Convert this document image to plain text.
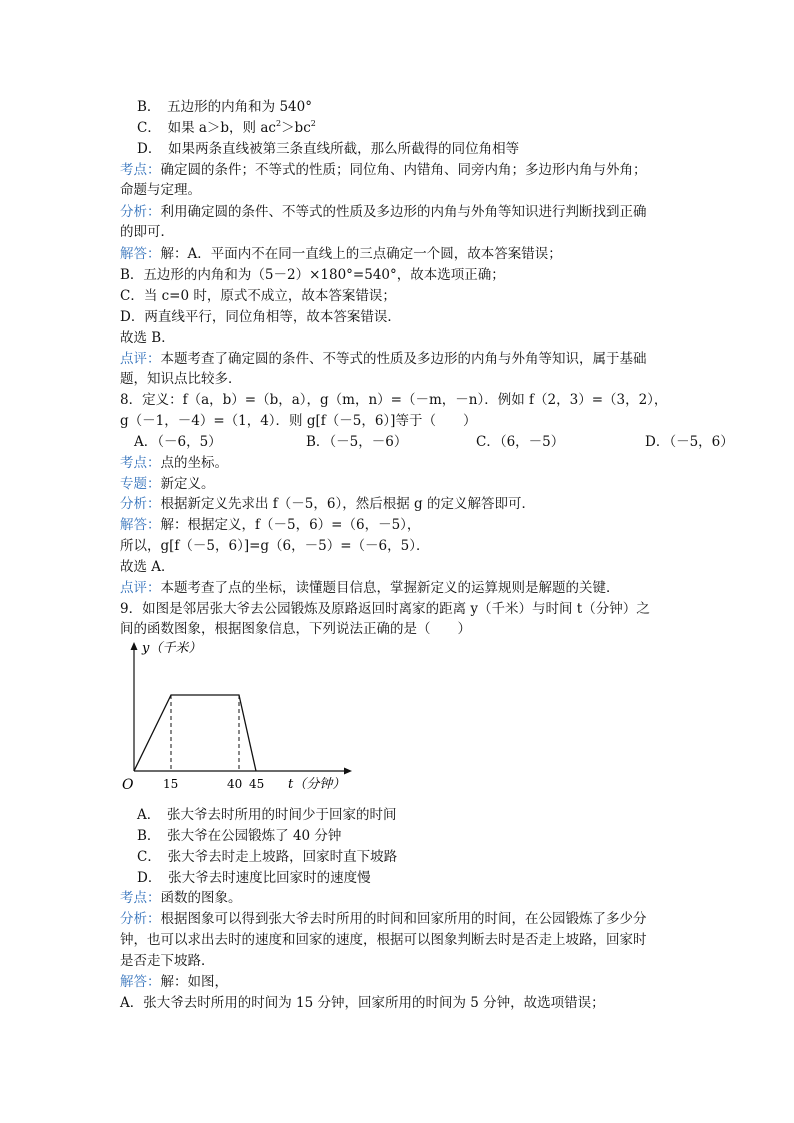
B．　五边形的内角和为 540°
C．　如果 a＞b，则 $ac^2>bc^2$
D．　如果两条直线被第三条直线所截，那么所截得的同位角相等
考点：确定圆的条件；不等式的性质；同位角、内错角、同旁内角；多边形内角与外角；
命题与定理。
分析：利用确定圆的条件、不等式的性质及多边形的内角与外角等知识进行判断找到正确
的即可．
解答：解：A．平面内不在同一直线上的三点确定一个圆，故本答案错误；
B．五边形的内角和为（5－2）×180°=540°，故本选项正确；
C．当 c=0 时，原式不成立，故本答案错误；
D．两直线平行，同位角相等，故本答案错误．
故选 B．
点评：本题考查了确定圆的条件、不等式的性质及多边形的内角与外角等知识，属于基础
题，知识点比较多．
8．定义：f（a，b）=（b，a），g（m，n）=（－m，－n）．例如 f（2，3）=（3，2），
g（－1，－4）=（1，4）．则 g[f（－5，6）]等于（　　）
A．（－6，5）	B．（－5，－6）	C．（6，－5）	D．（－5，6）
考点：点的坐标。
专题：新定义。
分析：根据新定义先求出 f（－5，6），然后根据 g 的定义解答即可．
解答：解：根据定义，f（－5，6）=（6，－5），
所以，g[f（－5，6）]=g（6，－5）=（－6，5）．
故选 A．
点评：本题考查了点的坐标，读懂题目信息，掌握新定义的运算规则是解题的关键．
9．如图是邻居张大爷去公园锻炼及原路返回时离家的距离 y（千米）与时间 t（分钟）之
间的函数图象，根据图象信息，下列说法正确的是（　　）
y（千米）
O 15	40 45 t（分钟）
A．　张大爷去时所用的时间少于回家的时间
B．　张大爷在公园锻炼了 40 分钟
C．　张大爷去时走上坡路，回家时直下坡路
D．　张大爷去时速度比回家时的速度慢
考点：函数的图象。
分析：根据图象可以得到张大爷去时所用的时间和回家所用的时间，在公园锻炼了多少分
钟，也可以求出去时的速度和回家的速度，根据可以图象判断去时是否走上坡路，回家时
是否走下坡路．
解答：解：如图，
A．张大爷去时所用的时间为 15 分钟，回家所用的时间为 5 分钟，故选项错误；
